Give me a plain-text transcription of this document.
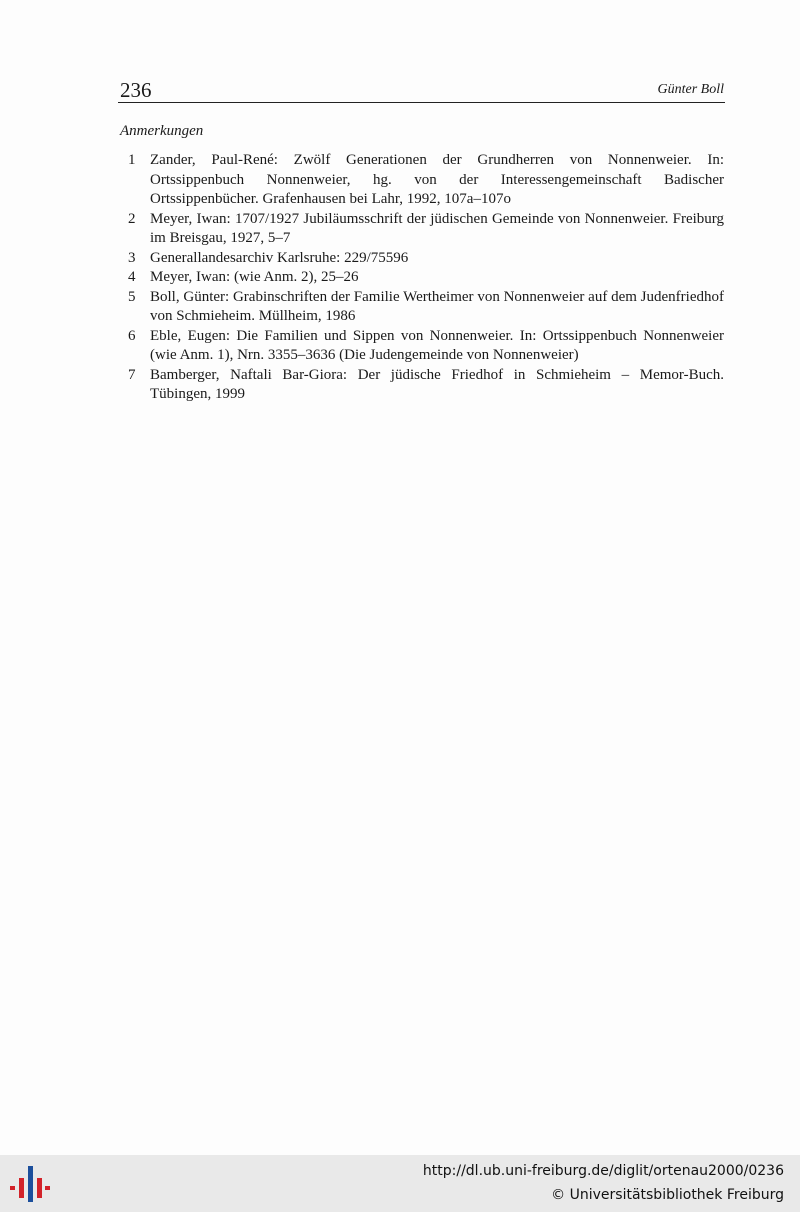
236	Günter Boll
Anmerkungen
1 Zander, Paul-René: Zwölf Generationen der Grundherren von Nonnenweier. In: Ortssippenbuch Nonnenweier, hg. von der Interessengemeinschaft Badischer Ortssippenbücher. Grafenhausen bei Lahr, 1992, 107a–107o
2 Meyer, Iwan: 1707/1927 Jubiläumsschrift der jüdischen Gemeinde von Nonnenweier. Freiburg im Breisgau, 1927, 5–7
3 Generallandesarchiv Karlsruhe: 229/75596
4 Meyer, Iwan: (wie Anm. 2), 25–26
5 Boll, Günter: Grabinschriften der Familie Wertheimer von Nonnenweier auf dem Judenfriedhof von Schmieheim. Müllheim, 1986
6 Eble, Eugen: Die Familien und Sippen von Nonnenweier. In: Ortssippenbuch Nonnenweier (wie Anm. 1), Nrn. 3355–3636 (Die Judengemeinde von Nonnenweier)
7 Bamberger, Naftali Bar-Giora: Der jüdische Friedhof in Schmieheim – Memor-Buch. Tübingen, 1999
http://dl.ub.uni-freiburg.de/diglit/ortenau2000/0236
© Universitätsbibliothek Freiburg
